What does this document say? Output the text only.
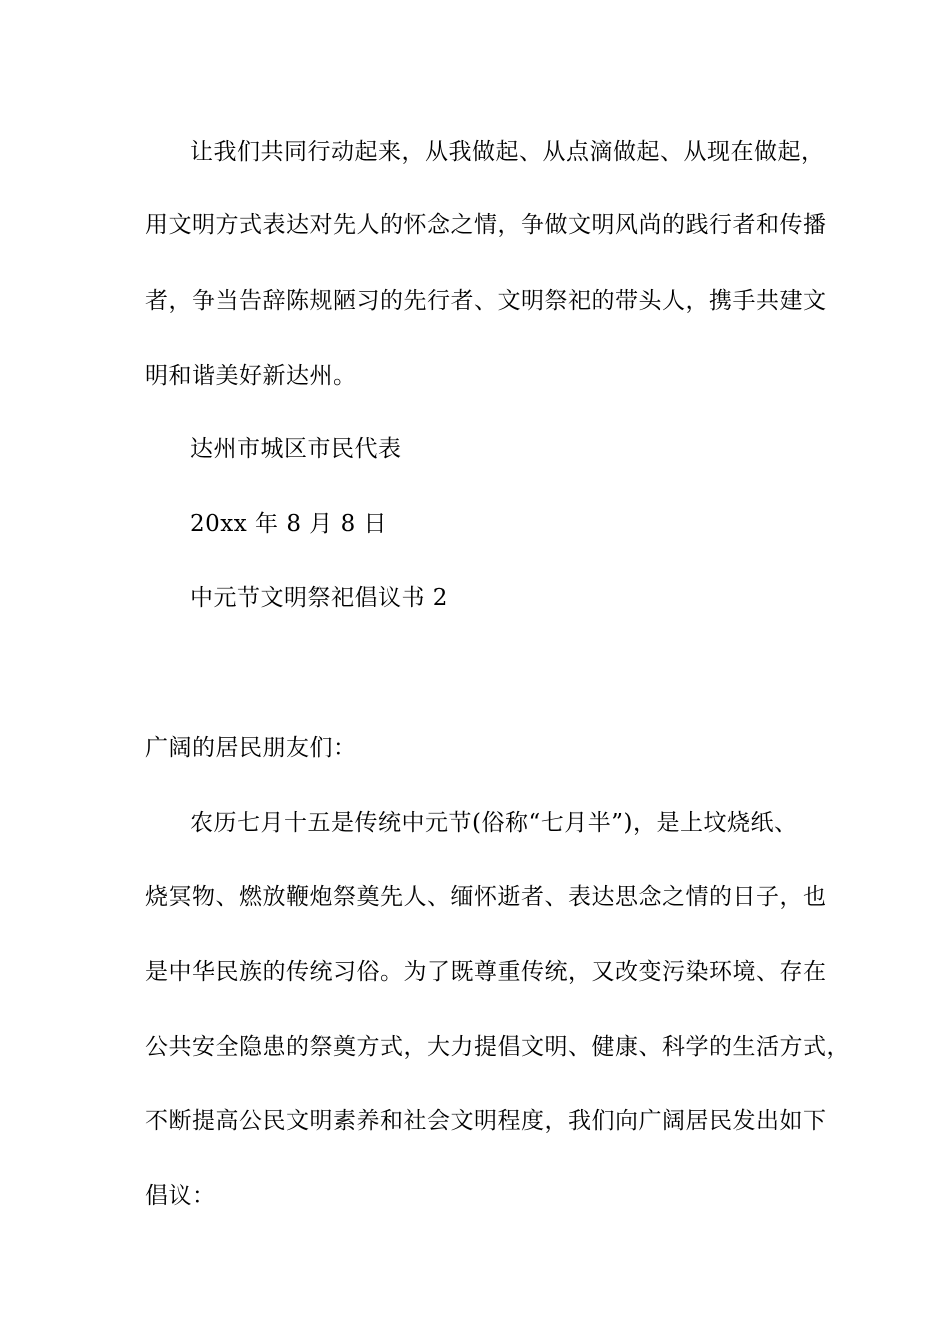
让我们共同行动起来，从我做起、从点滴做起、从现在做起，
用文明方式表达对先人的怀念之情，争做文明风尚的践行者和传播
者，争当告辞陈规陋习的先行者、文明祭祀的带头人，携手共建文
明和谐美好新达州。
达州市城区市民代表
20xx 年 8 月 8 日
中元节文明祭祀倡议书 2
广阔的居民朋友们：
农历七月十五是传统中元节(俗称“七月半”)，是上坟烧纸、
烧冥物、燃放鞭炮祭奠先人、缅怀逝者、表达思念之情的日子，也
是中华民族的传统习俗。为了既尊重传统，又改变污染环境、存在
公共安全隐患的祭奠方式，大力提倡文明、健康、科学的生活方式，
不断提高公民文明素养和社会文明程度，我们向广阔居民发出如下
倡议：
